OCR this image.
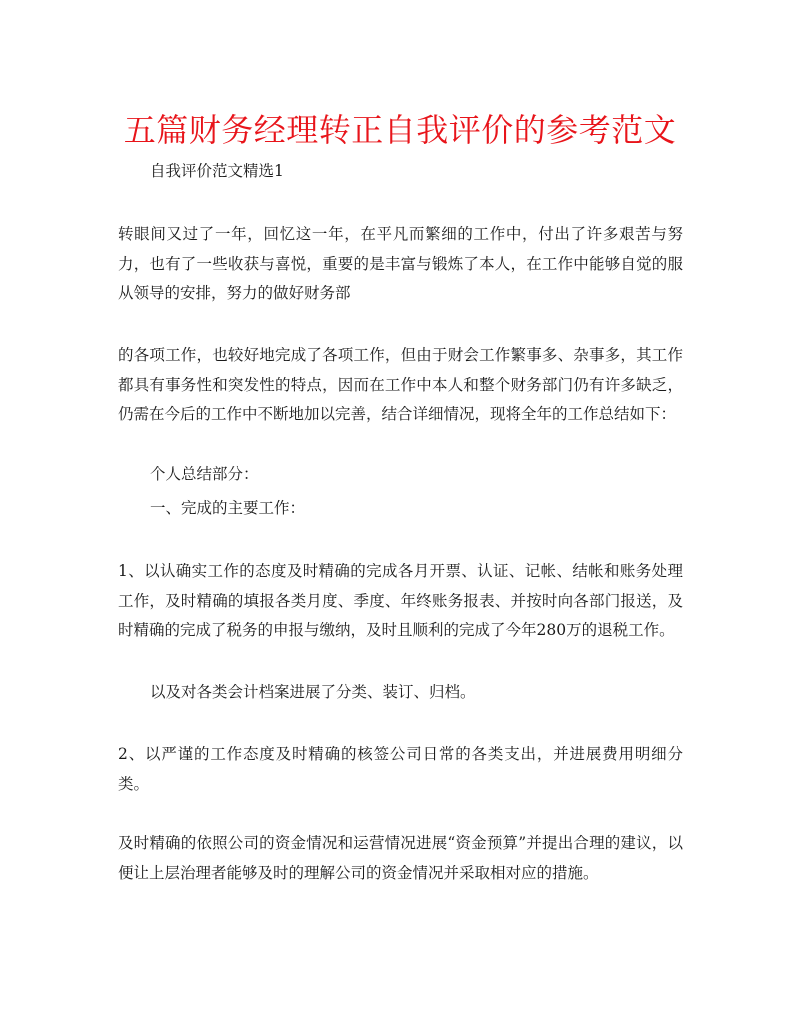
五篇财务经理转正自我评价的参考范文

自我评价范文精选1

转眼间又过了一年，回忆这一年，在平凡而繁细的工作中，付出了许多艰苦与努力，也有了一些收获与喜悦，重要的是丰富与锻炼了本人，在工作中能够自觉的服从领导的安排，努力的做好财务部

的各项工作，也较好地完成了各项工作，但由于财会工作繁事多、杂事多，其工作都具有事务性和突发性的特点，因而在工作中本人和整个财务部门仍有许多缺乏，仍需在今后的工作中不断地加以完善，结合详细情况，现将全年的工作总结如下：

个人总结部分：

一、完成的主要工作：

1、以认确实工作的态度及时精确的完成各月开票、认证、记帐、结帐和账务处理工作，及时精确的填报各类月度、季度、年终账务报表、并按时向各部门报送，及时精确的完成了税务的申报与缴纳，及时且顺利的完成了今年280万的退税工作。

以及对各类会计档案进展了分类、装订、归档。

2、以严谨的工作态度及时精确的核签公司日常的各类支出，并进展费用明细分类。

及时精确的依照公司的资金情况和运营情况进展“资金预算”并提出合理的建议，以便让上层治理者能够及时的理解公司的资金情况并采取相对应的措施。
